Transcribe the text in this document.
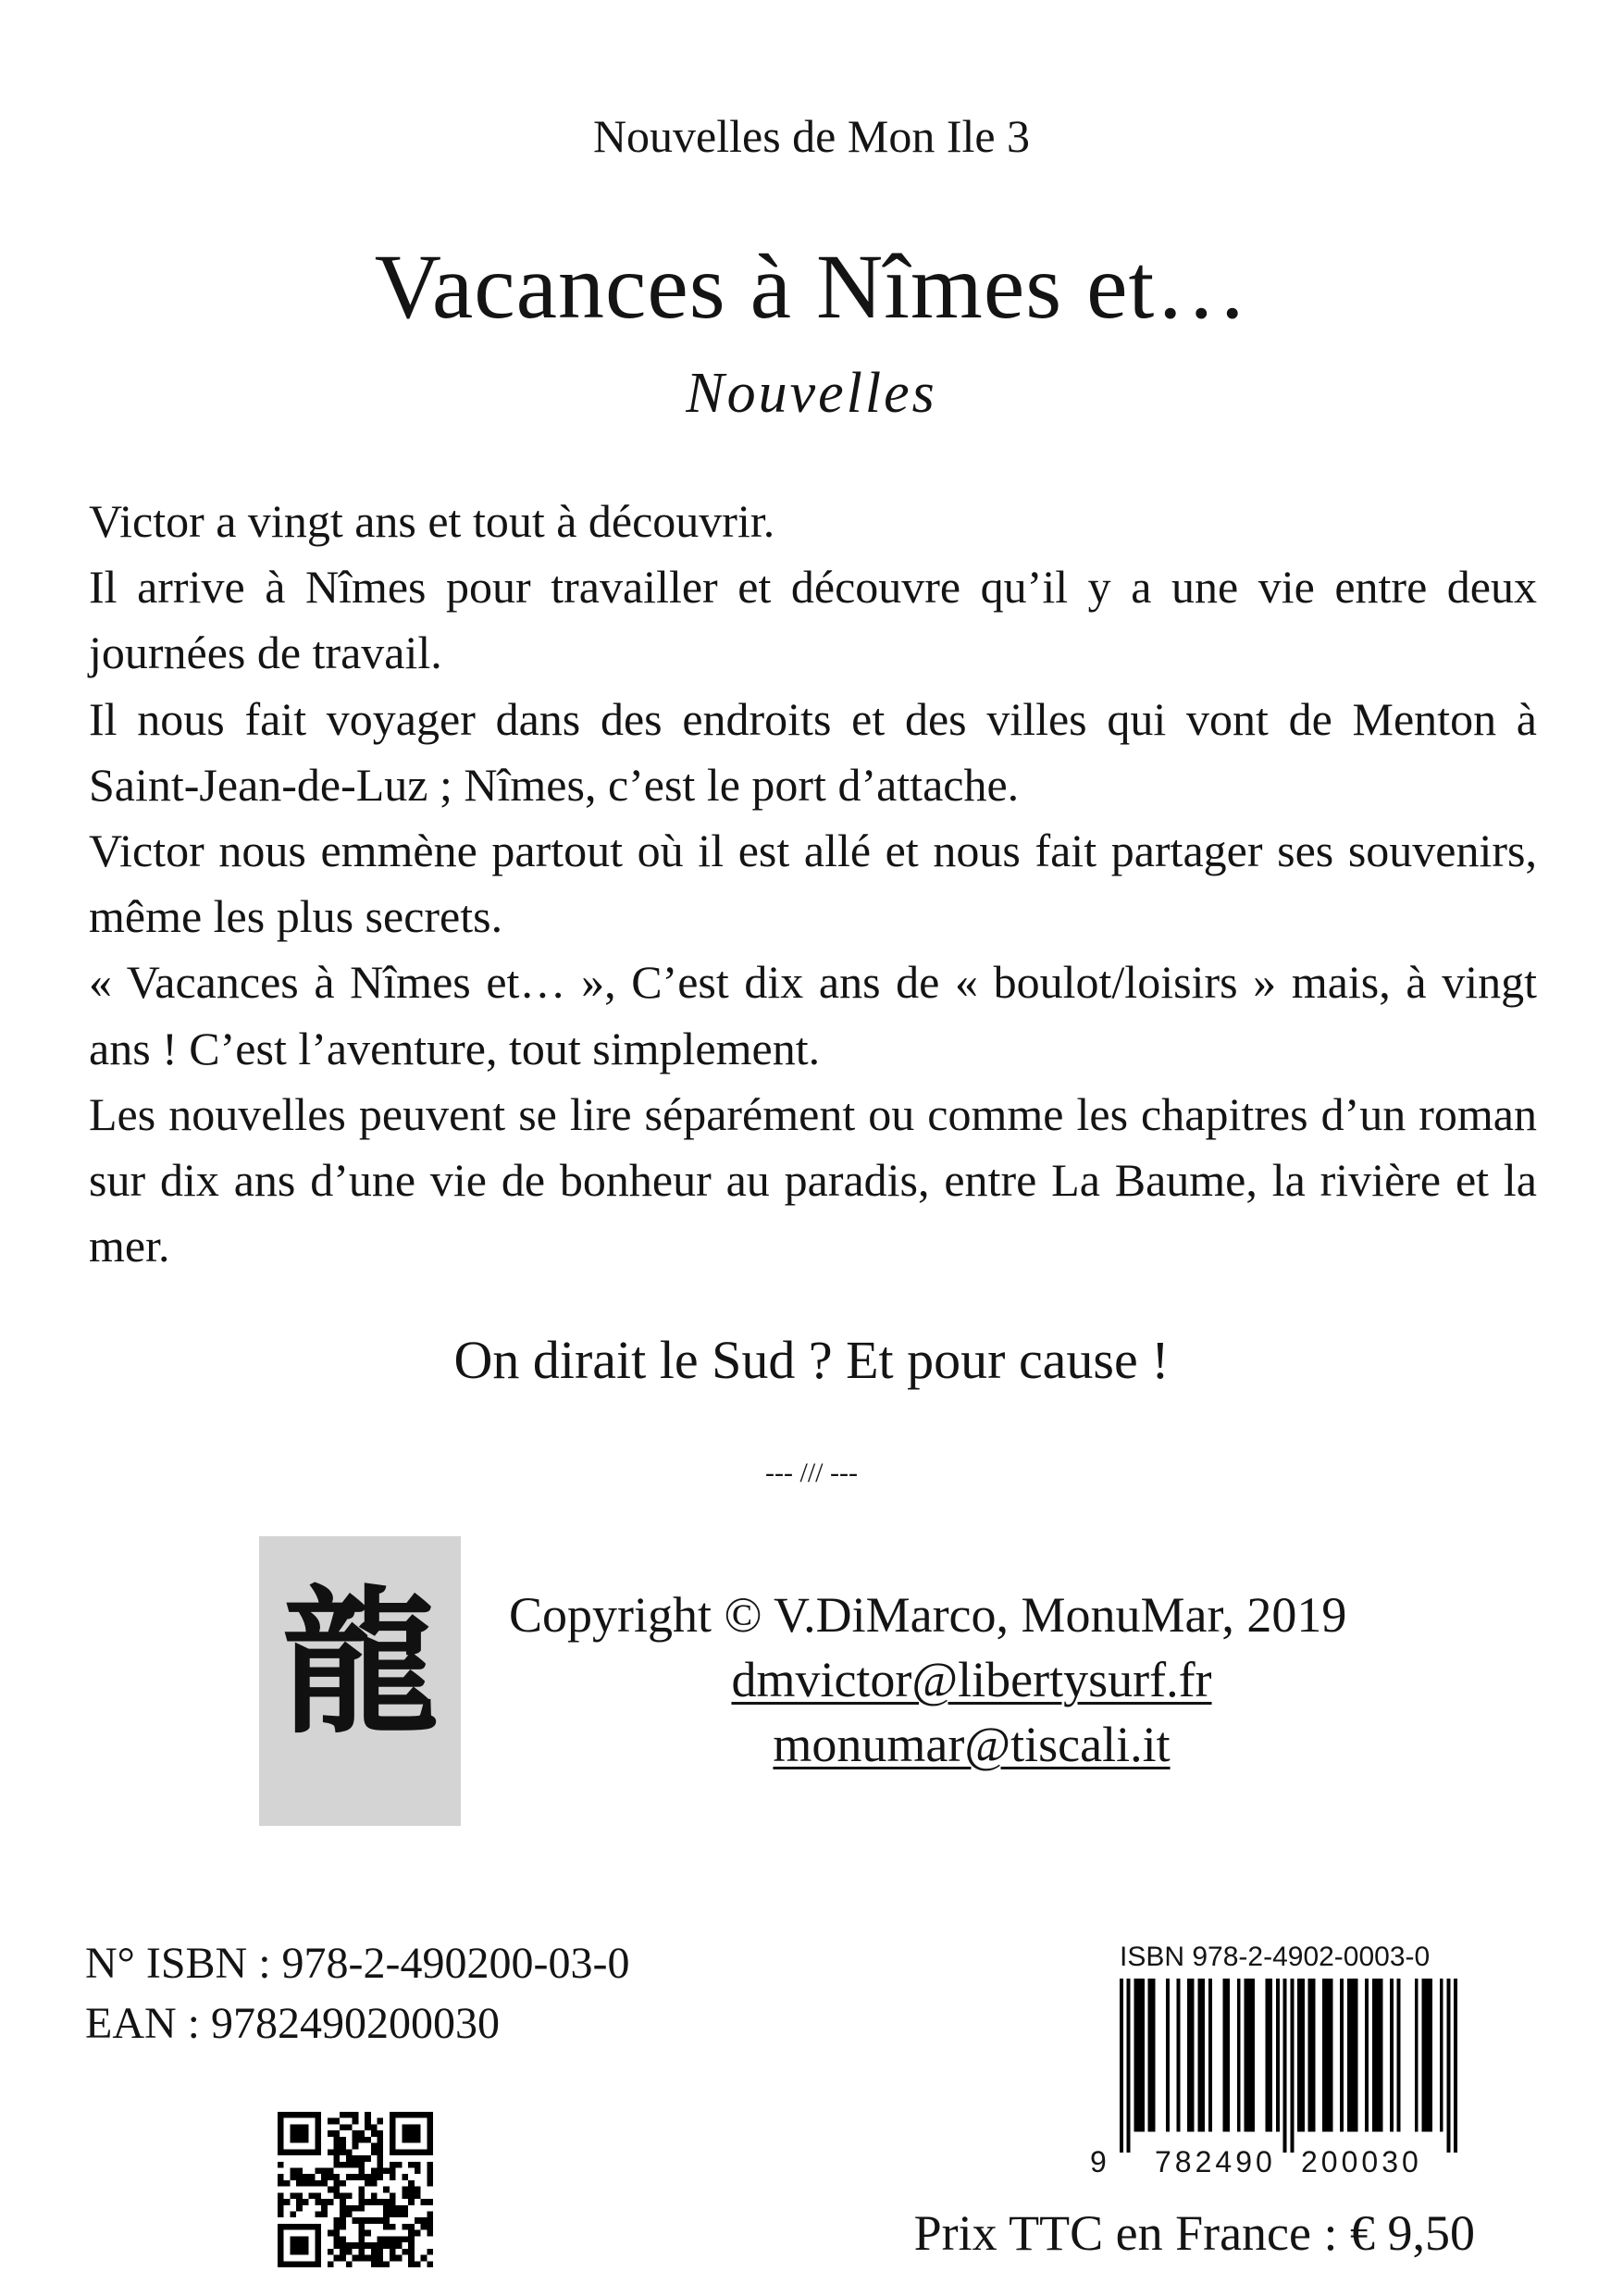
Nouvelles de Mon Ile 3
Vacances à Nîmes et…
Nouvelles

Victor a vingt ans et tout à découvrir.

Il arrive à Nîmes pour travailler et découvre qu’il y a une vie entre deux journées de travail.

Il nous fait voyager dans des endroits et des villes qui vont de Menton à Saint-Jean-de-Luz ; Nîmes, c’est le port d’attache.

Victor nous emmène partout où il est allé et nous fait partager ses souvenirs, même les plus secrets.

« Vacances à Nîmes et… », C’est dix ans de « boulot/loisirs » mais, à vingt ans ! C’est l’aventure, tout simplement.

Les nouvelles peuvent se lire séparément ou comme les chapitres d’un roman sur dix ans d’une vie de bonheur au paradis, entre La Baume, la rivière et la mer.

On dirait le Sud ? Et pour cause !
--- /// ---
龍 Copyright © V.DiMarco, MonuMar, 2019
dmvictor@libertysurf.fr
monumar@tiscali.it
N° ISBN : 978-2-490200-03-0
EAN : 9782490200030
ISBN 978-2-4902-0003-0
9 782490 200030
Prix TTC en France : € 9,50
